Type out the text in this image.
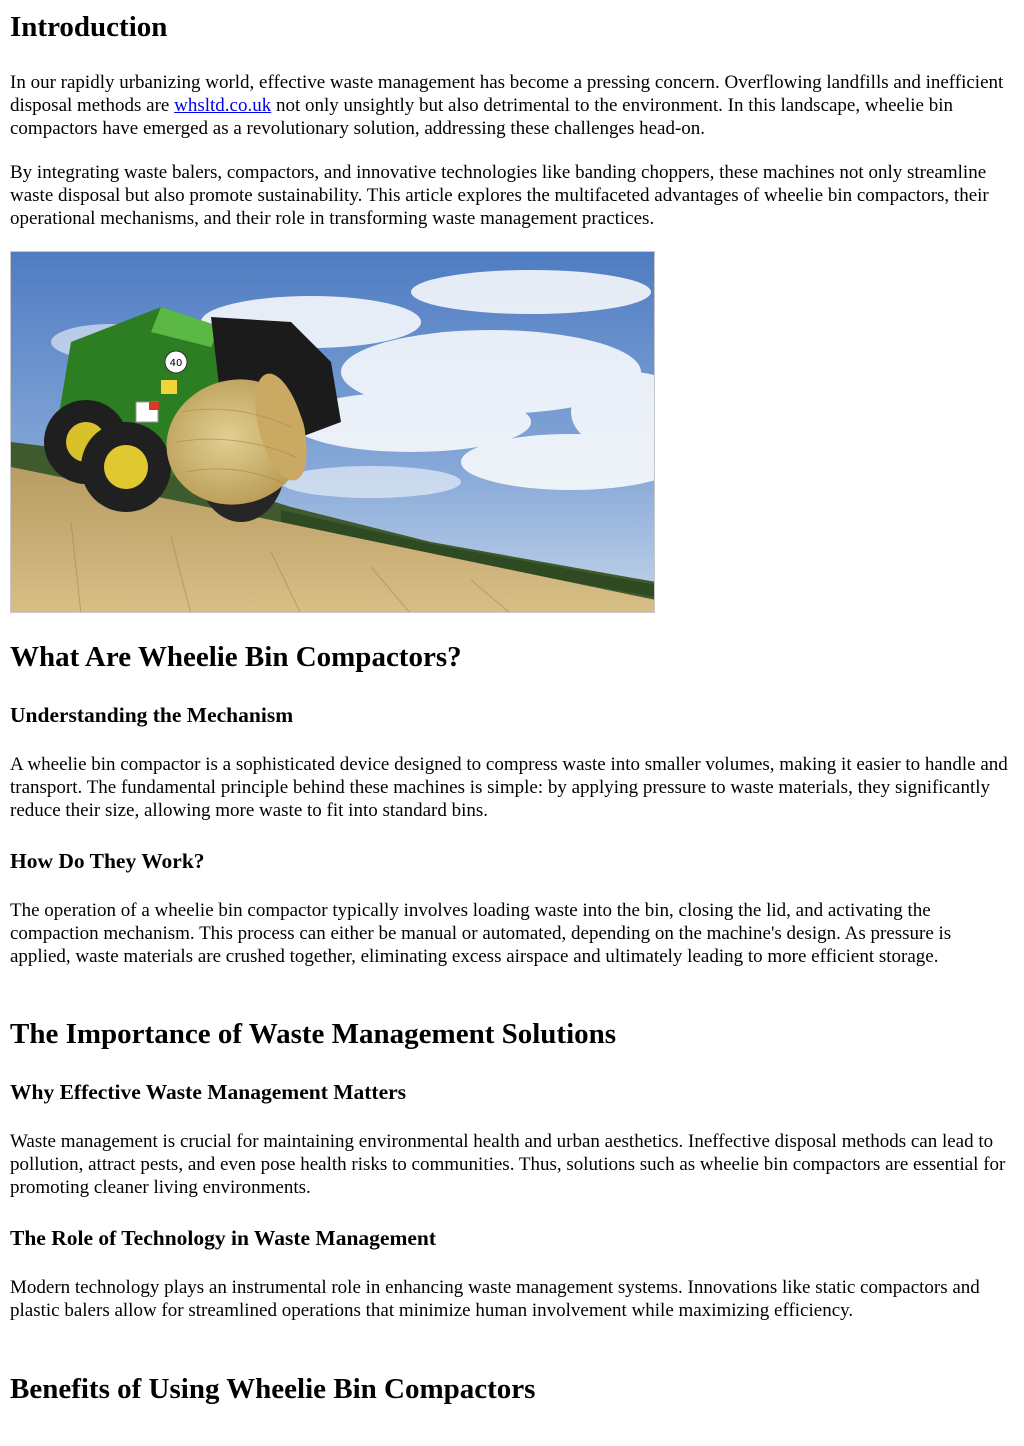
Introduction

In our rapidly urbanizing world, effective waste management has become a pressing concern. Overflowing landfills and inefficient disposal methods are whsltd.co.uk not only unsightly but also detrimental to the environment. In this landscape, wheelie bin compactors have emerged as a revolutionary solution, addressing these challenges head-on.

By integrating waste balers, compactors, and innovative technologies like banding choppers, these machines not only streamline waste disposal but also promote sustainability. This article explores the multifaceted advantages of wheelie bin compactors, their operational mechanisms, and their role in transforming waste management practices.

40
What Are Wheelie Bin Compactors?
Understanding the Mechanism

A wheelie bin compactor is a sophisticated device designed to compress waste into smaller volumes, making it easier to handle and transport. The fundamental principle behind these machines is simple: by applying pressure to waste materials, they significantly reduce their size, allowing more waste to fit into standard bins.

How Do They Work?

The operation of a wheelie bin compactor typically involves loading waste into the bin, closing the lid, and activating the compaction mechanism. This process can either be manual or automated, depending on the machine's design. As pressure is applied, waste materials are crushed together, eliminating excess airspace and ultimately leading to more efficient storage.

The Importance of Waste Management Solutions
Why Effective Waste Management Matters

Waste management is crucial for maintaining environmental health and urban aesthetics. Ineffective disposal methods can lead to pollution, attract pests, and even pose health risks to communities. Thus, solutions such as wheelie bin compactors are essential for promoting cleaner living environments.

The Role of Technology in Waste Management

Modern technology plays an instrumental role in enhancing waste management systems. Innovations like static compactors and plastic balers allow for streamlined operations that minimize human involvement while maximizing efficiency.

Benefits of Using Wheelie Bin Compactors
